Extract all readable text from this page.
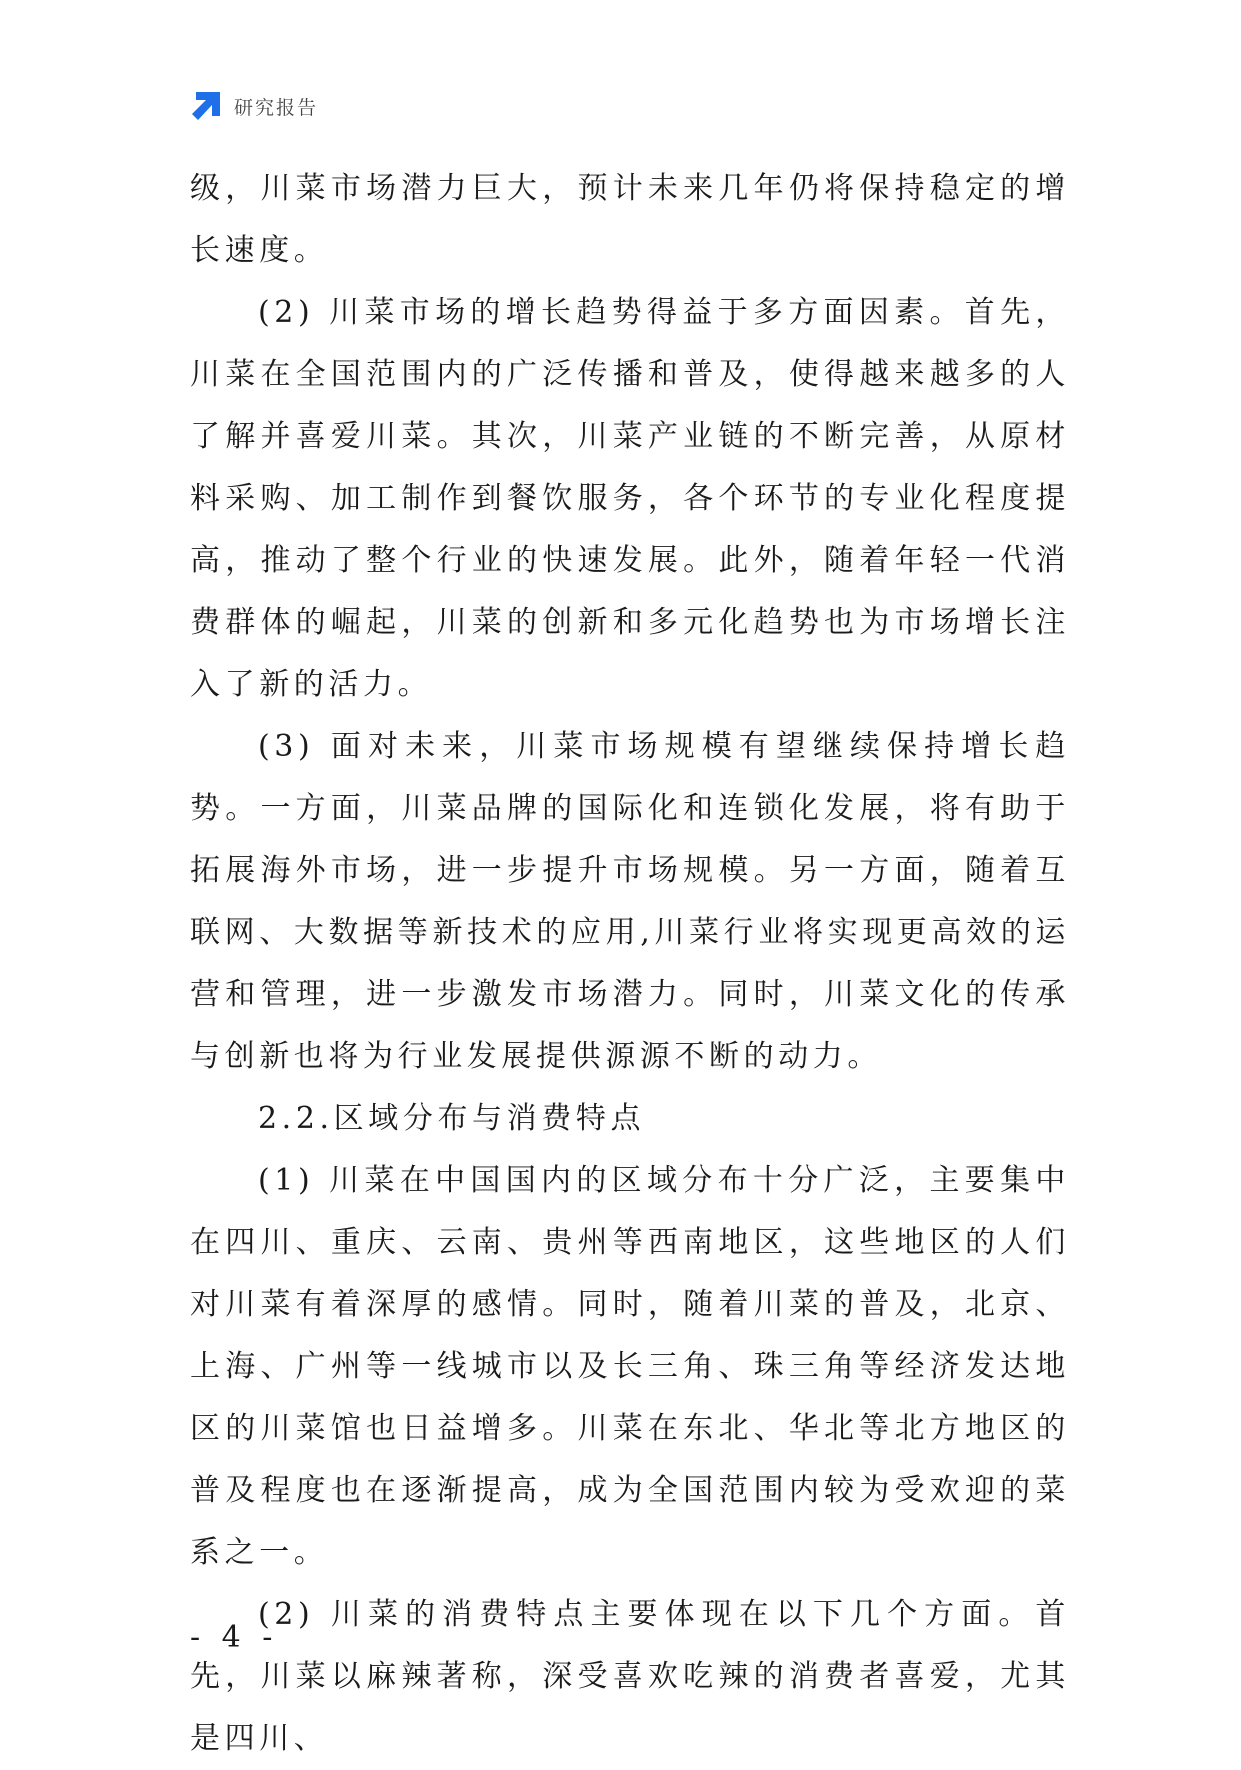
研究报告

级，川菜市场潜力巨大，预计未来几年仍将保持稳定的增长速度。

(2) 川菜市场的增长趋势得益于多方面因素。首先，川菜在全国范围内的广泛传播和普及，使得越来越多的人了解并喜爱川菜。其次，川菜产业链的不断完善，从原材料采购、加工制作到餐饮服务，各个环节的专业化程度提高，推动了整个行业的快速发展。此外，随着年轻一代消费群体的崛起，川菜的创新和多元化趋势也为市场增长注入了新的活力。

(3) 面对未来，川菜市场规模有望继续保持增长趋势。一方面，川菜品牌的国际化和连锁化发展，将有助于拓展海外市场，进一步提升市场规模。另一方面，随着互联网、大数据等新技术的应用,川菜行业将实现更高效的运营和管理，进一步激发市场潜力。同时，川菜文化的传承与创新也将为行业发展提供源源不断的动力。

2.2.区域分布与消费特点

(1) 川菜在中国国内的区域分布十分广泛，主要集中在四川、重庆、云南、贵州等西南地区，这些地区的人们对川菜有着深厚的感情。同时，随着川菜的普及，北京、上海、广州等一线城市以及长三角、珠三角等经济发达地区的川菜馆也日益增多。川菜在东北、华北等北方地区的普及程度也在逐渐提高，成为全国范围内较为受欢迎的菜系之一。

(2) 川菜的消费特点主要体现在以下几个方面。首先，川菜以麻辣著称，深受喜欢吃辣的消费者喜爱，尤其是四川、

- 4 -
